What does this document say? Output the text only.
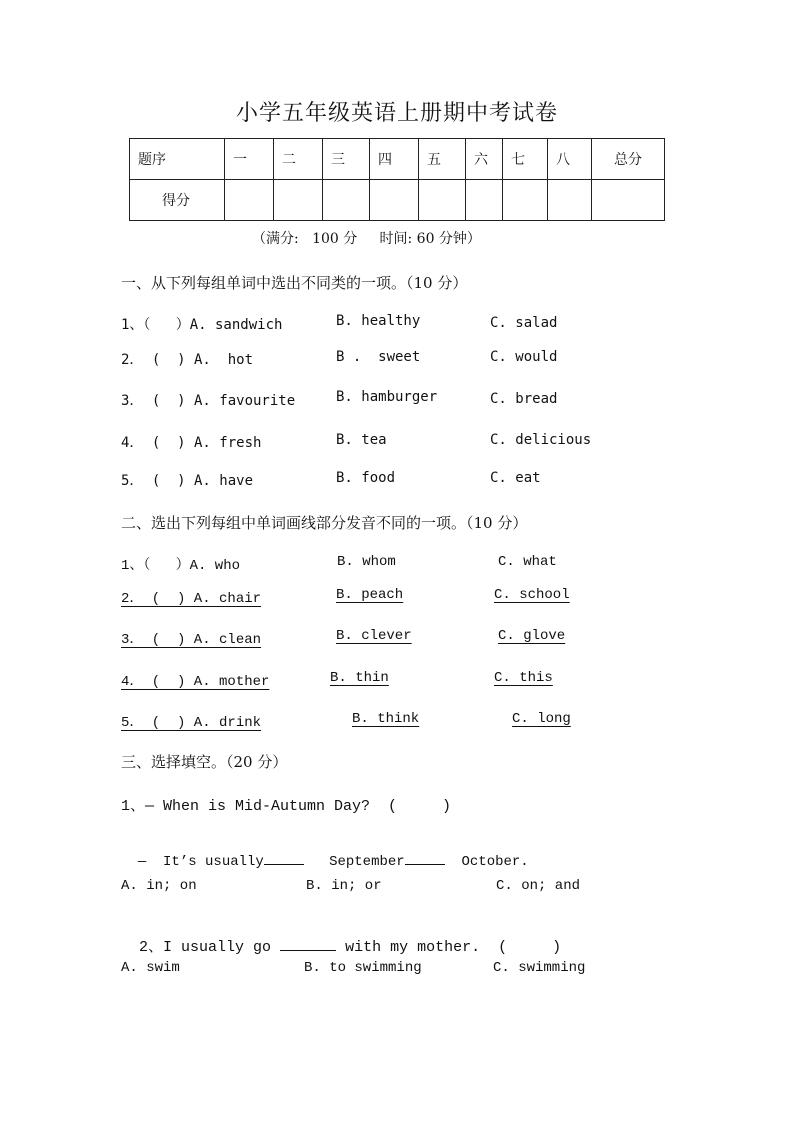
小学五年级英语上册期中考试卷
题序	一	二	三	四	五	六	七	八	总分
得分									
（满分:   100 分     时间: 60 分钟）
一、从下列每组单词中选出不同类的一项。（10 分）
1、（   ）A. sandwich	B. healthy	C. salad
2． (  ) A.  hot	B .  sweet	C. would
3． (  ) A. favourite	B. hamburger	C. bread
4． (  ) A. fresh	B. tea	C. delicious
5． (  ) A. have	B. food	C. eat
二、选出下列每组中单词画线部分发音不同的一项。（10 分）
1、（   ）A. who	B. whom	C. what
2． (  ) A. chair	B. peach	C. school
3． (  ) A. clean	B. clever	C. glove
4． (  ) A. mother	B. thin	C. this
5． (  ) A. drink	B. think	C. long
三、选择填空。（20 分）
1、— When is Mid-Autumn Day?  (     )

—  It’s usually	September	October.

A. in; on	B. in; or	C. on; and

2、I usually go	with my mother.  (     )

A. swim	B. to swimming	C. swimming
